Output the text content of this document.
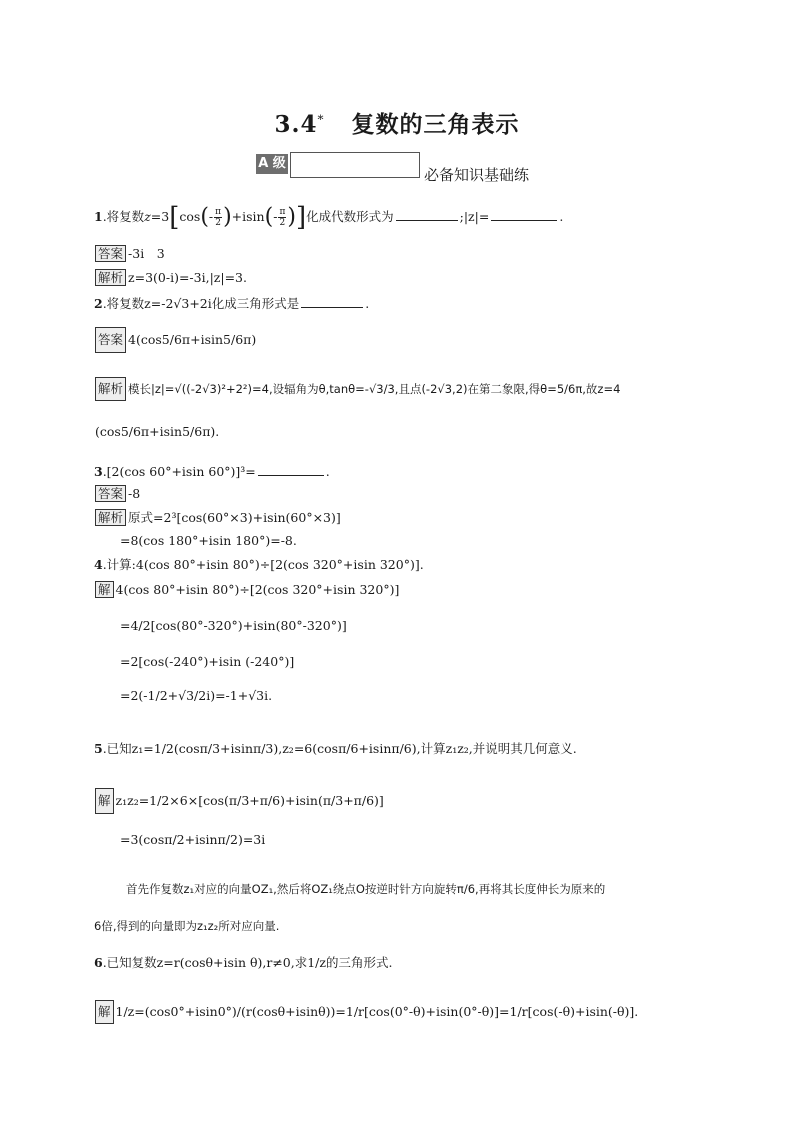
3.4* 复数的三角表示
A 级
必备知识基础练
1.将复数$z=3[\cos(- \frac{\pi}{2} )+isin(- \frac{\pi}{2}$ )]化成代数形式为	;|z|=	.
答案 -3i　3
解析 z=3(0-i)=-3i,|z|=3.
2.将复数z=-2√3+2i化成三角形式是	.
答案 4(cos5/6π+isin5/6π)
解析 模长|z|=√((-2√3)²+2²)=4,设辐角为θ,tanθ=-√3/3,且点(-2√3,2)在第二象限,得θ=5/6π,故z=4
(cos5/6π+isin5/6π).
3.[2(cos 60°+isin 60°)]³=	.
答案 -8
解析 原式=2³[cos(60°×3)+isin(60°×3)]
=8(cos 180°+isin 180°)=-8.
4.计算:4(cos 80°+isin 80°)÷[2(cos 320°+isin 320°)].
解 4(cos 80°+isin 80°)÷[2(cos 320°+isin 320°)]
=4/2[cos(80°-320°)+isin(80°-320°)]
=2[cos(-240°)+isin (-240°)]
=2(-1/2+√3/2i)=-1+√3i.
5.已知z₁=1/2(cosπ/3+isinπ/3),z₂=6(cosπ/6+isinπ/6),计算z₁z₂,并说明其几何意义.
解 z₁z₂=1/2×6×[cos(π/3+π/6)+isin(π/3+π/6)]
=3(cosπ/2+isinπ/2)=3i
首先作复数z₁对应的向量OZ₁,然后将OZ₁绕点O按逆时针方向旋转π/6,再将其长度伸长为原来的
6倍,得到的向量即为z₁z₂所对应向量.
6.已知复数z=r(cosθ+isin θ),r≠0,求1/z的三角形式.
解 1/z=(cos0°+isin0°)/(r(cosθ+isinθ))=1/r[cos(0°-θ)+isin(0°-θ)]=1/r[cos(-θ)+isin(-θ)].
